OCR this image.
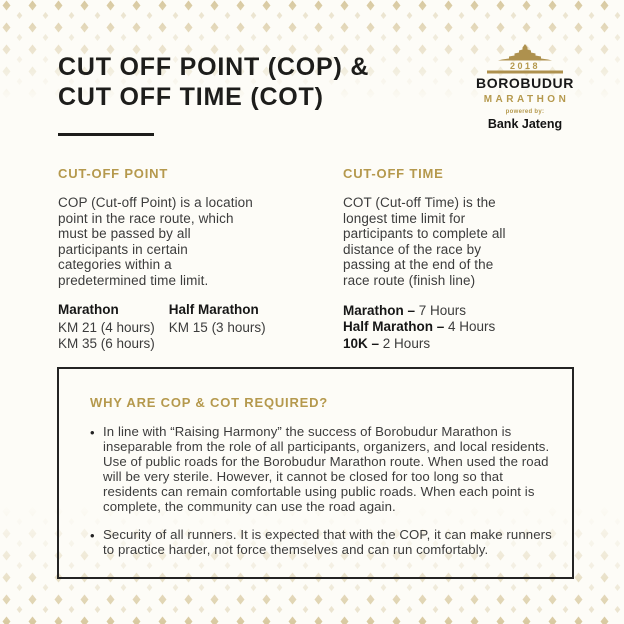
CUT OFF POINT (COP) &
CUT OFF TIME (COT)
2018
BOROBUDUR
MARATHON
powered by:
Bank Jateng
CUT-OFF POINT

COP (Cut-off Point) is a location point in the race route, which must be passed by all participants in certain categories within a predetermined time limit.

Marathon
KM 21 (4 hours)
KM 35 (6 hours)
Half Marathon
KM 15 (3 hours)
CUT-OFF TIME

COT (Cut-off Time) is the longest time limit for participants to complete all distance of the race by passing at the end of the race route (finish line)

Marathon – 7 Hours
Half Marathon – 4 Hours
10K – 2 Hours
WHY ARE COP & COT REQUIRED?
• In line with “Raising Harmony” the success of Borobudur Marathon is inseparable from the role of all participants, organizers, and local residents. Use of public roads for the Borobudur Marathon route. When used the road will be very sterile. However, it cannot be closed for too long so that residents can remain comfortable using public roads. When each point is complete, the community can use the road again.
• Security of all runners. It is expected that with the COP, it can make runners to practice harder, not force themselves and can run comfortably.
